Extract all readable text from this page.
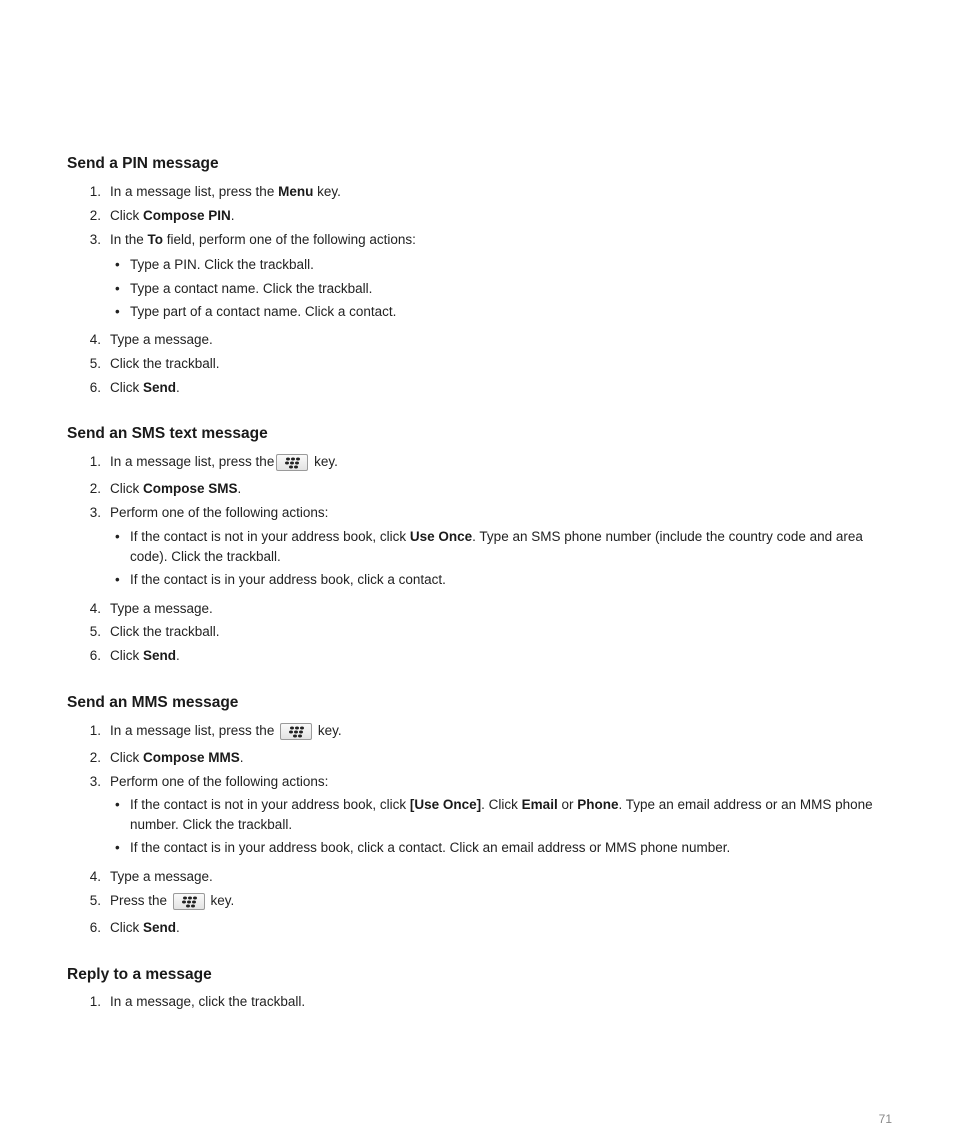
Send a PIN message
1. In a message list, press the Menu key.
2. Click Compose PIN.
3. In the To field, perform one of the following actions:
• Type a PIN. Click the trackball.
• Type a contact name. Click the trackball.
• Type part of a contact name. Click a contact.
4. Type a message.
5. Click the trackball.
6. Click Send.
Send an SMS text message
1. In a message list, press the	key.
2. Click Compose SMS.
3. Perform one of the following actions:
• If the contact is not in your address book, click Use Once. Type an SMS phone number (include the country code and area code). Click the trackball.
• If the contact is in your address book, click a contact.
4. Type a message.
5. Click the trackball.
6. Click Send.
Send an MMS message
1. In a message list, press the	key.
2. Click Compose MMS.
3. Perform one of the following actions:
• If the contact is not in your address book, click [Use Once]. Click Email or Phone. Type an email address or an MMS phone number. Click the trackball.
• If the contact is in your address book, click a contact. Click an email address or MMS phone number.
4. Type a message.
5. Press the	key.
6. Click Send.
Reply to a message
1. In a message, click the trackball.
71
